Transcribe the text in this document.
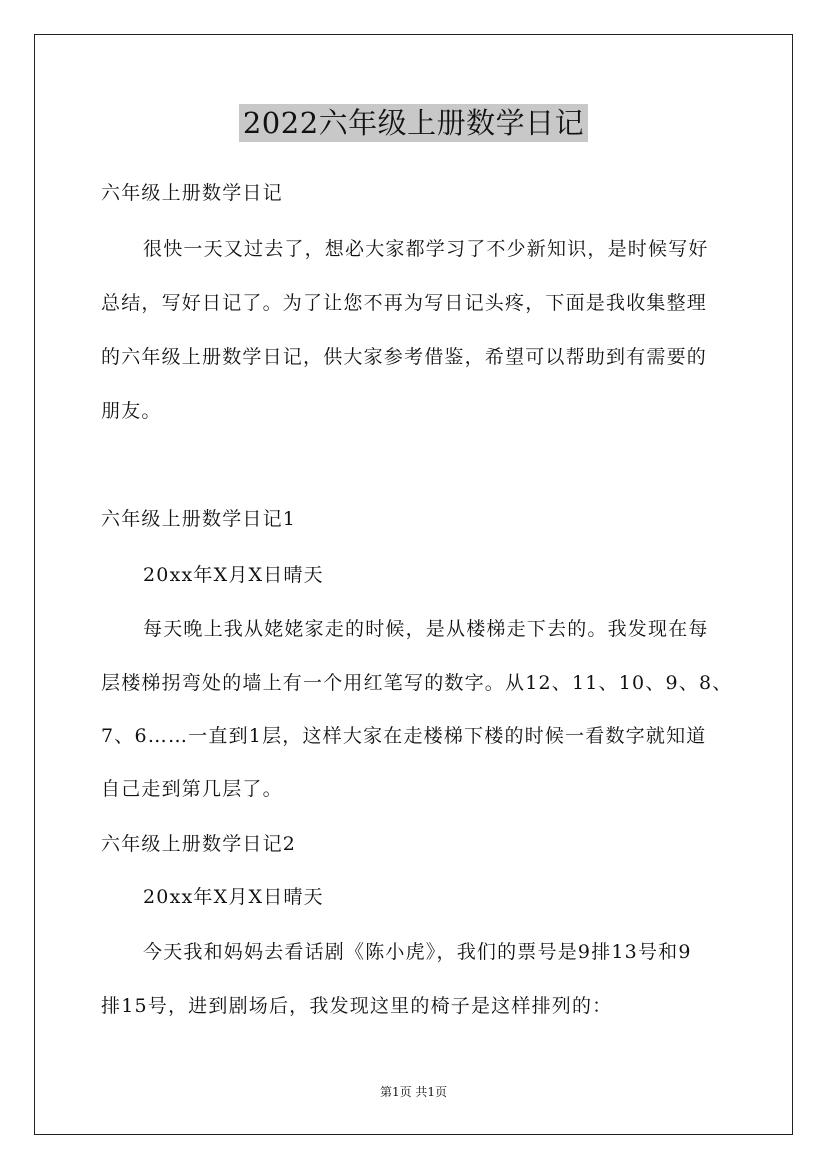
2022六年级上册数学日记
六年级上册数学日记
很快一天又过去了，想必大家都学习了不少新知识，是时候写好
总结，写好日记了。为了让您不再为写日记头疼，下面是我收集整理
的六年级上册数学日记，供大家参考借鉴，希望可以帮助到有需要的
朋友。
六年级上册数学日记1
20xx年X月X日晴天
每天晚上我从姥姥家走的时候，是从楼梯走下去的。我发现在每
层楼梯拐弯处的墙上有一个用红笔写的数字。从12、11、10、9、8、
7、6……一直到1层，这样大家在走楼梯下楼的时候一看数字就知道
自己走到第几层了。
六年级上册数学日记2
20xx年X月X日晴天
今天我和妈妈去看话剧《陈小虎》，我们的票号是9排13号和9
排15号，进到剧场后，我发现这里的椅子是这样排列的：
第1页 共1页
